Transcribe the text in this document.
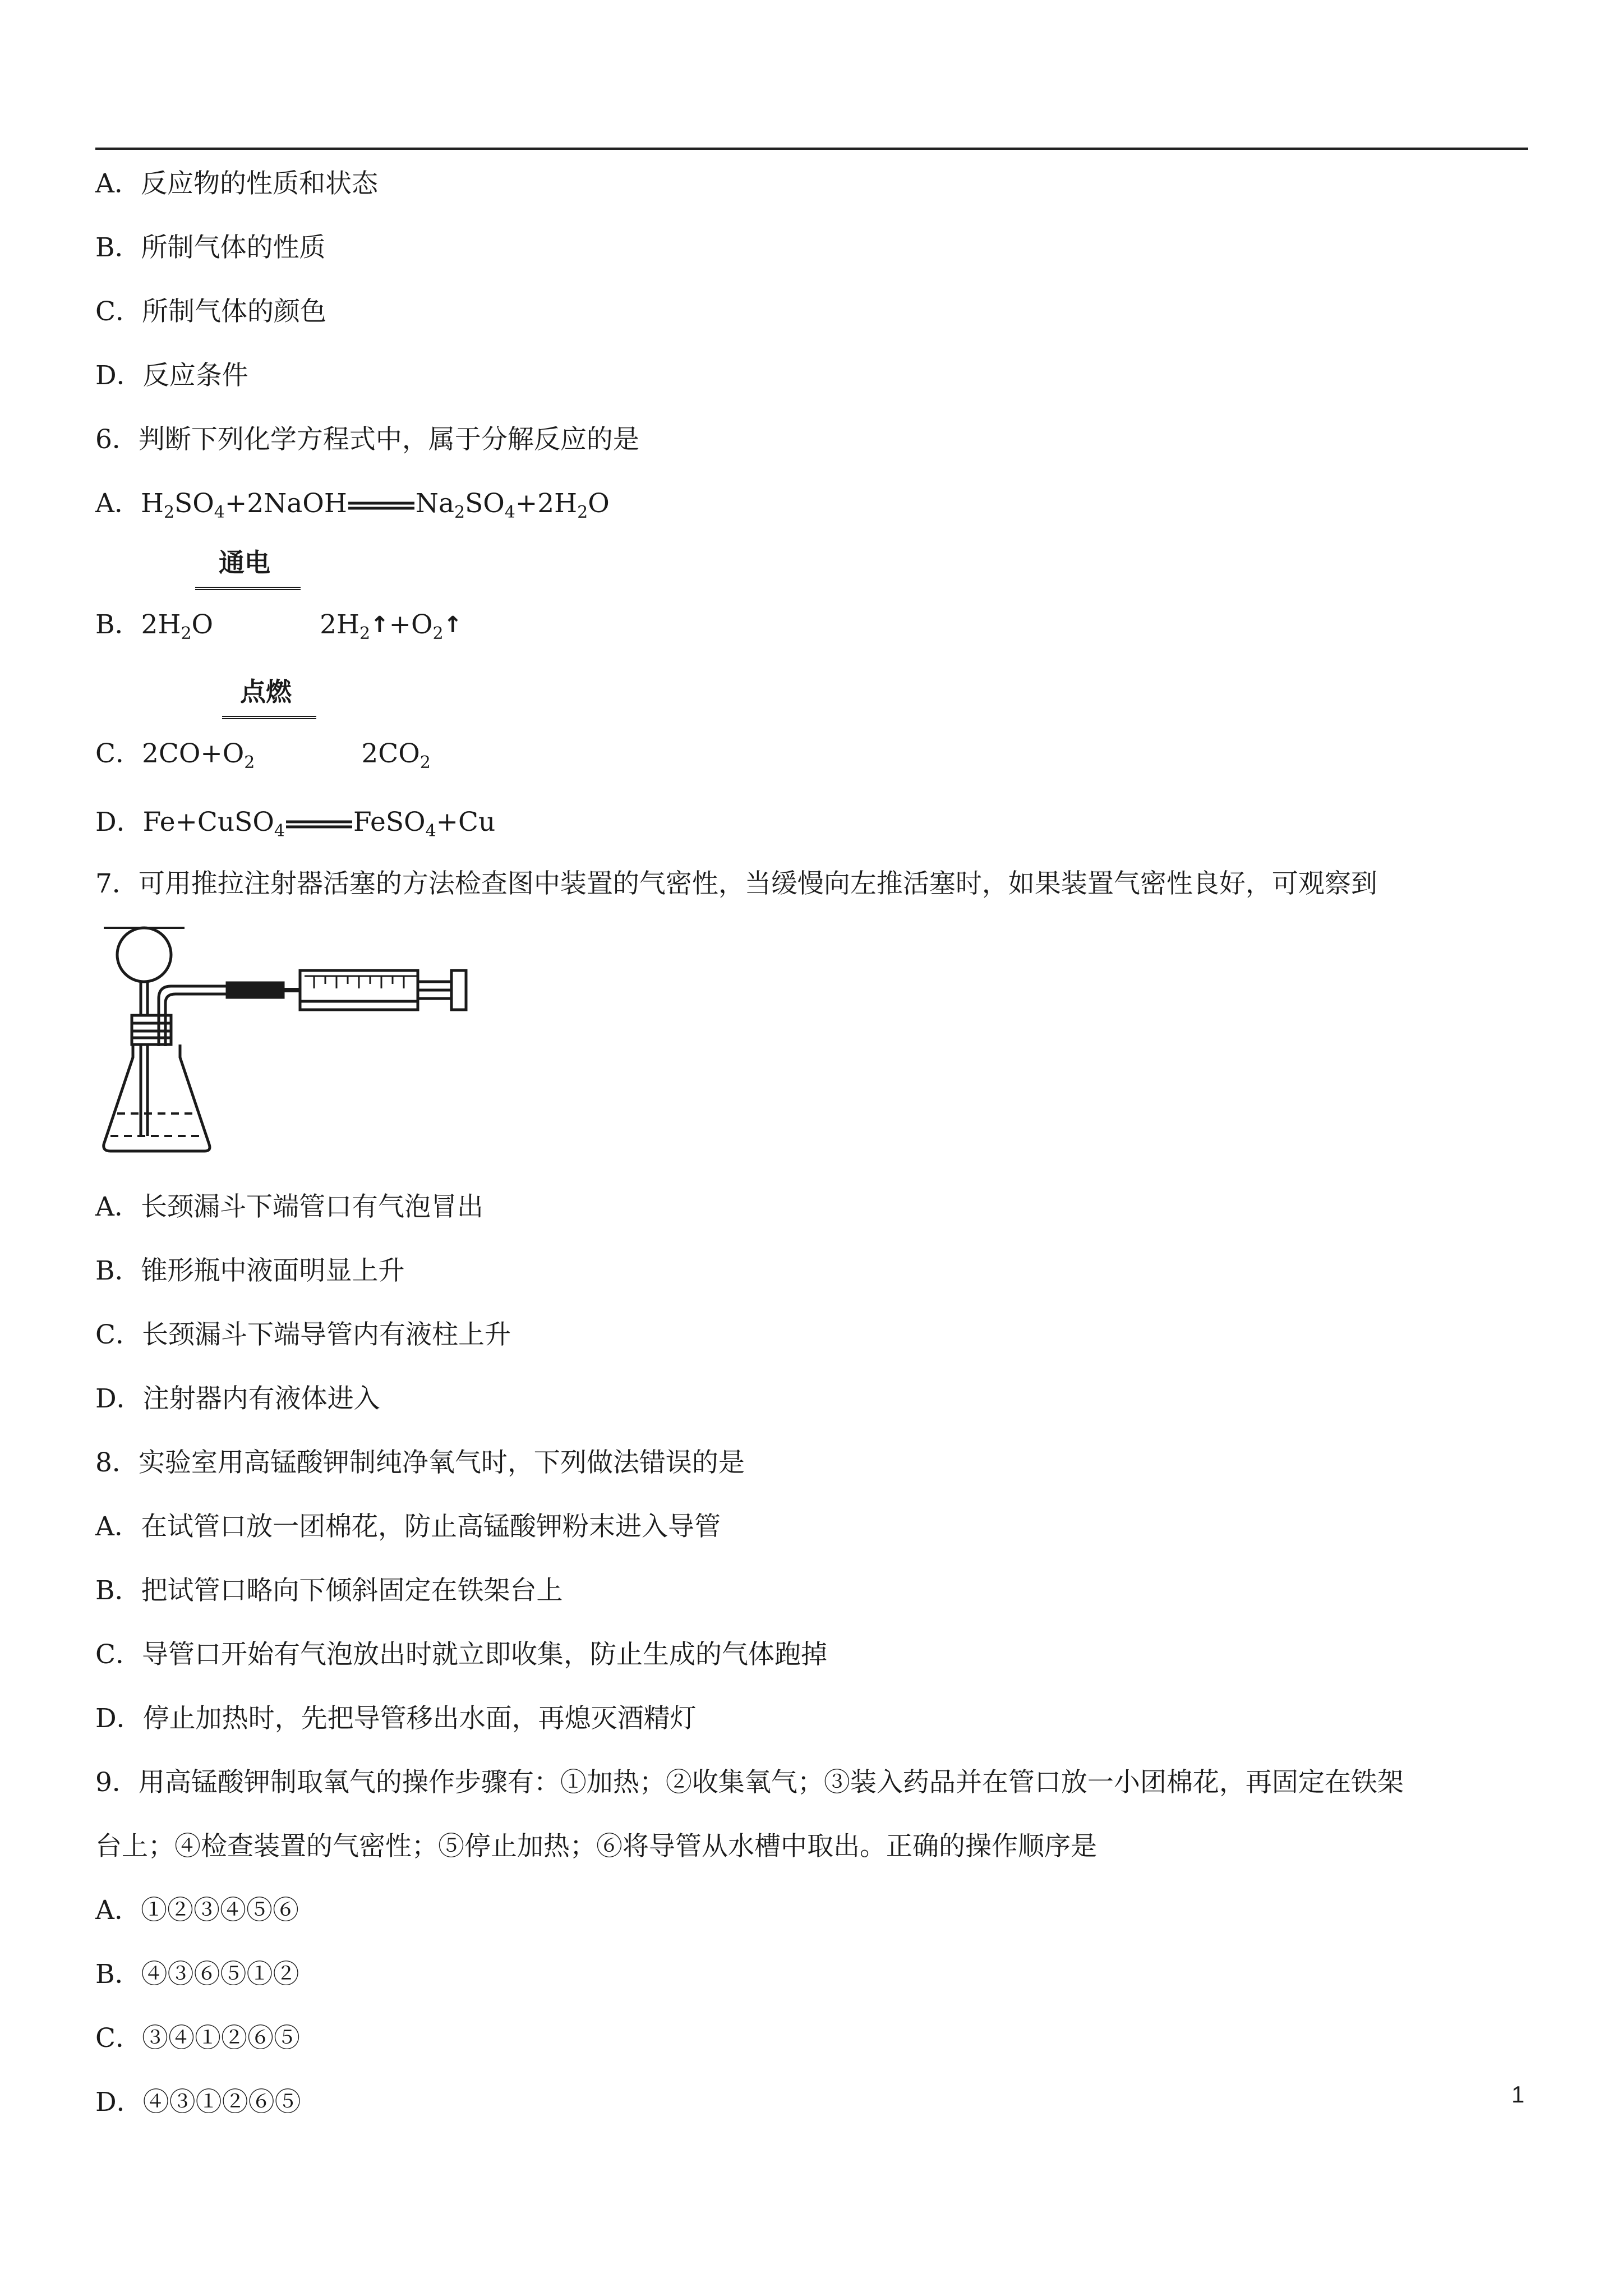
A．反应物的性质和状态
B．所制气体的性质
C．所制气体的颜色
D．反应条件
6．判断下列化学方程式中，属于分解反应的是
A．$H_2SO_4+2NaOH$	$Na_2SO_4+2H_2O$
通电
B．$2H_2O$	$2H_2↑+O_2↑$
点燃
C．$2CO+O_2$	$2CO_2$
D．Fe+CuSO$_4$	FeSO$_4$+Cu
7．可用推拉注射器活塞的方法检查图中装置的气密性，当缓慢向左推活塞时，如果装置气密性良好，可观察到
A．长颈漏斗下端管口有气泡冒出
B．锥形瓶中液面明显上升
C．长颈漏斗下端导管内有液柱上升
D．注射器内有液体进入
8．实验室用高锰酸钾制纯净氧气时，下列做法错误的是
A．在试管口放一团棉花，防止高锰酸钾粉末进入导管
B．把试管口略向下倾斜固定在铁架台上
C．导管口开始有气泡放出时就立即收集，防止生成的气体跑掉
D．停止加热时，先把导管移出水面，再熄灭酒精灯
9．用高锰酸钾制取氧气的操作步骤有：①加热；②收集氧气；③装入药品并在管口放一小团棉花，再固定在铁架
台上；④检查装置的气密性；⑤停止加热；⑥将导管从水槽中取出。正确的操作顺序是
A．①②③④⑤⑥
B．④③⑥⑤①②
C．③④①②⑥⑤
D．④③①②⑥⑤	1
